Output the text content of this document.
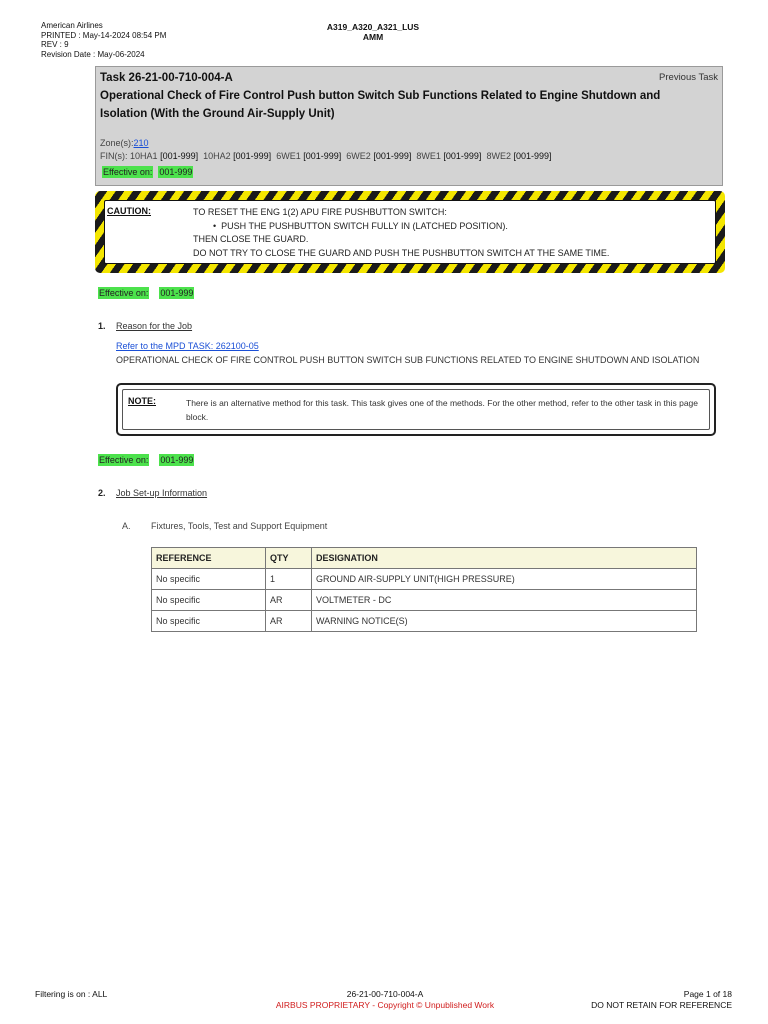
American Airlines
PRINTED : May-14-2024 08:54 PM
REV : 9
Revision Date : May-06-2024
A319_A320_A321_LUS
AMM
Task 26-21-00-710-004-A	Previous Task
Operational Check of Fire Control Push button Switch Sub Functions Related to Engine Shutdown and Isolation (With the Ground Air-Supply Unit)
Zone(s):210
FIN(s): 10HA1 [001-999] 10HA2 [001-999] 6WE1 [001-999] 6WE2 [001-999] 8WE1 [001-999] 8WE2 [001-999]
Effective on: 001-999
CAUTION:	TO RESET THE ENG 1(2) APU FIRE PUSHBUTTON SWITCH:
•  PUSH THE PUSHBUTTON SWITCH FULLY IN (LATCHED POSITION).
THEN CLOSE THE GUARD.
DO NOT TRY TO CLOSE THE GUARD AND PUSH THE PUSHBUTTON SWITCH AT THE SAME TIME.
Effective on: 001-999
1. Reason for the Job
Refer to the MPD TASK: 262100-05
OPERATIONAL CHECK OF FIRE CONTROL PUSH BUTTON SWITCH SUB FUNCTIONS RELATED TO ENGINE SHUTDOWN AND ISOLATION
NOTE:	There is an alternative method for this task. This task gives one of the methods. For the other method, refer to the other task in this page block.
Effective on: 001-999
2. Job Set-up Information
A. Fixtures, Tools, Test and Support Equipment
REFERENCE	QTY	DESIGNATION
No specific	1	GROUND AIR-SUPPLY UNIT(HIGH PRESSURE)
No specific	AR	VOLTMETER - DC
No specific	AR	WARNING NOTICE(S)
Filtering is on : ALL	26-21-00-710-004-A
AIRBUS PROPRIETARY - Copyright © Unpublished Work
Page 1 of 18
DO NOT RETAIN FOR REFERENCE
